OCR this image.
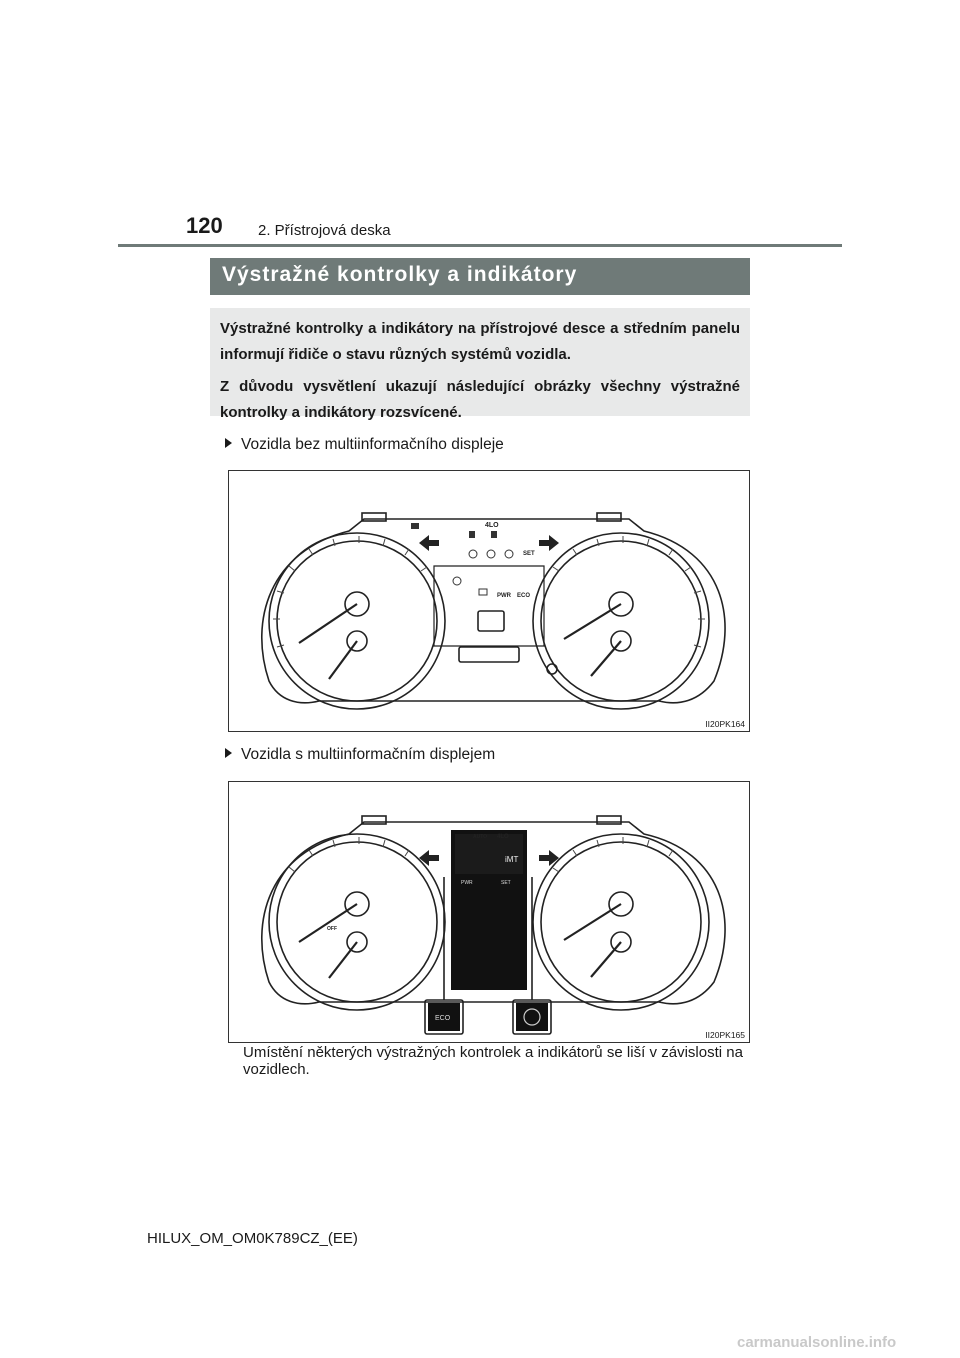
120 2. Přístrojová deska
Výstražné kontrolky a indikátory

Výstražné kontrolky a indikátory na přístrojové desce a středním panelu informují řidiče o stavu různých systémů vozidla.

Z důvodu vysvětlení ukazují následující obrázky všechny výstražné kontrolky a indikátory rozsvícené.

Vozidla bez multiinformačního displeje
4LO
SET
PWR ECO
II20PK164
Vozidla s multiinformačním displejem
ECO
AUTO 4LO
iMT
PWR	SET
OFF
II20PK165
Umístění některých výstražných kontrolek a indikátorů se liší v závislosti na vozidlech.
HILUX_OM_OM0K789CZ_(EE)
carmanualsonline.info
